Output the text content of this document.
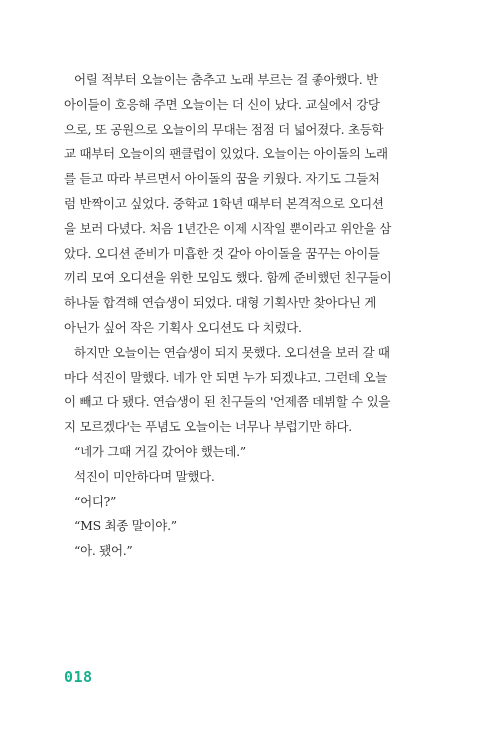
어릴 적부터 오늘이는 춤추고 노래 부르는 걸 좋아했다. 반
아이들이 호응해 주면 오늘이는 더 신이 났다. 교실에서 강당
으로, 또 공원으로 오늘이의 무대는 점점 더 넓어졌다. 초등학
교 때부터 오늘이의 팬클럽이 있었다. 오늘이는 아이돌의 노래
를 듣고 따라 부르면서 아이돌의 꿈을 키웠다. 자기도 그들처
럼 반짝이고 싶었다. 중학교 1학년 때부터 본격적으로 오디션
을 보러 다녔다. 처음 1년간은 이제 시작일 뿐이라고 위안을 삼
았다. 오디션 준비가 미흡한 것 같아 아이돌을 꿈꾸는 아이들
끼리 모여 오디션을 위한 모임도 했다. 함께 준비했던 친구들이
하나둘 합격해 연습생이 되었다. 대형 기획사만 찾아다닌 게
아닌가 싶어 작은 기획사 오디션도 다 치렀다.
하지만 오늘이는 연습생이 되지 못했다. 오디션을 보러 갈 때
마다 석진이 말했다. 네가 안 되면 누가 되겠냐고. 그런데 오늘
이 빼고 다 됐다. 연습생이 된 친구들의 '언제쯤 데뷔할 수 있을
지 모르겠다'는 푸념도 오늘이는 너무나 부럽기만 하다.
“네가 그때 거길 갔어야 했는데.”
석진이 미안하다며 말했다.
“어디?”
“MS 최종 말이야.”
“아. 됐어.”
018
